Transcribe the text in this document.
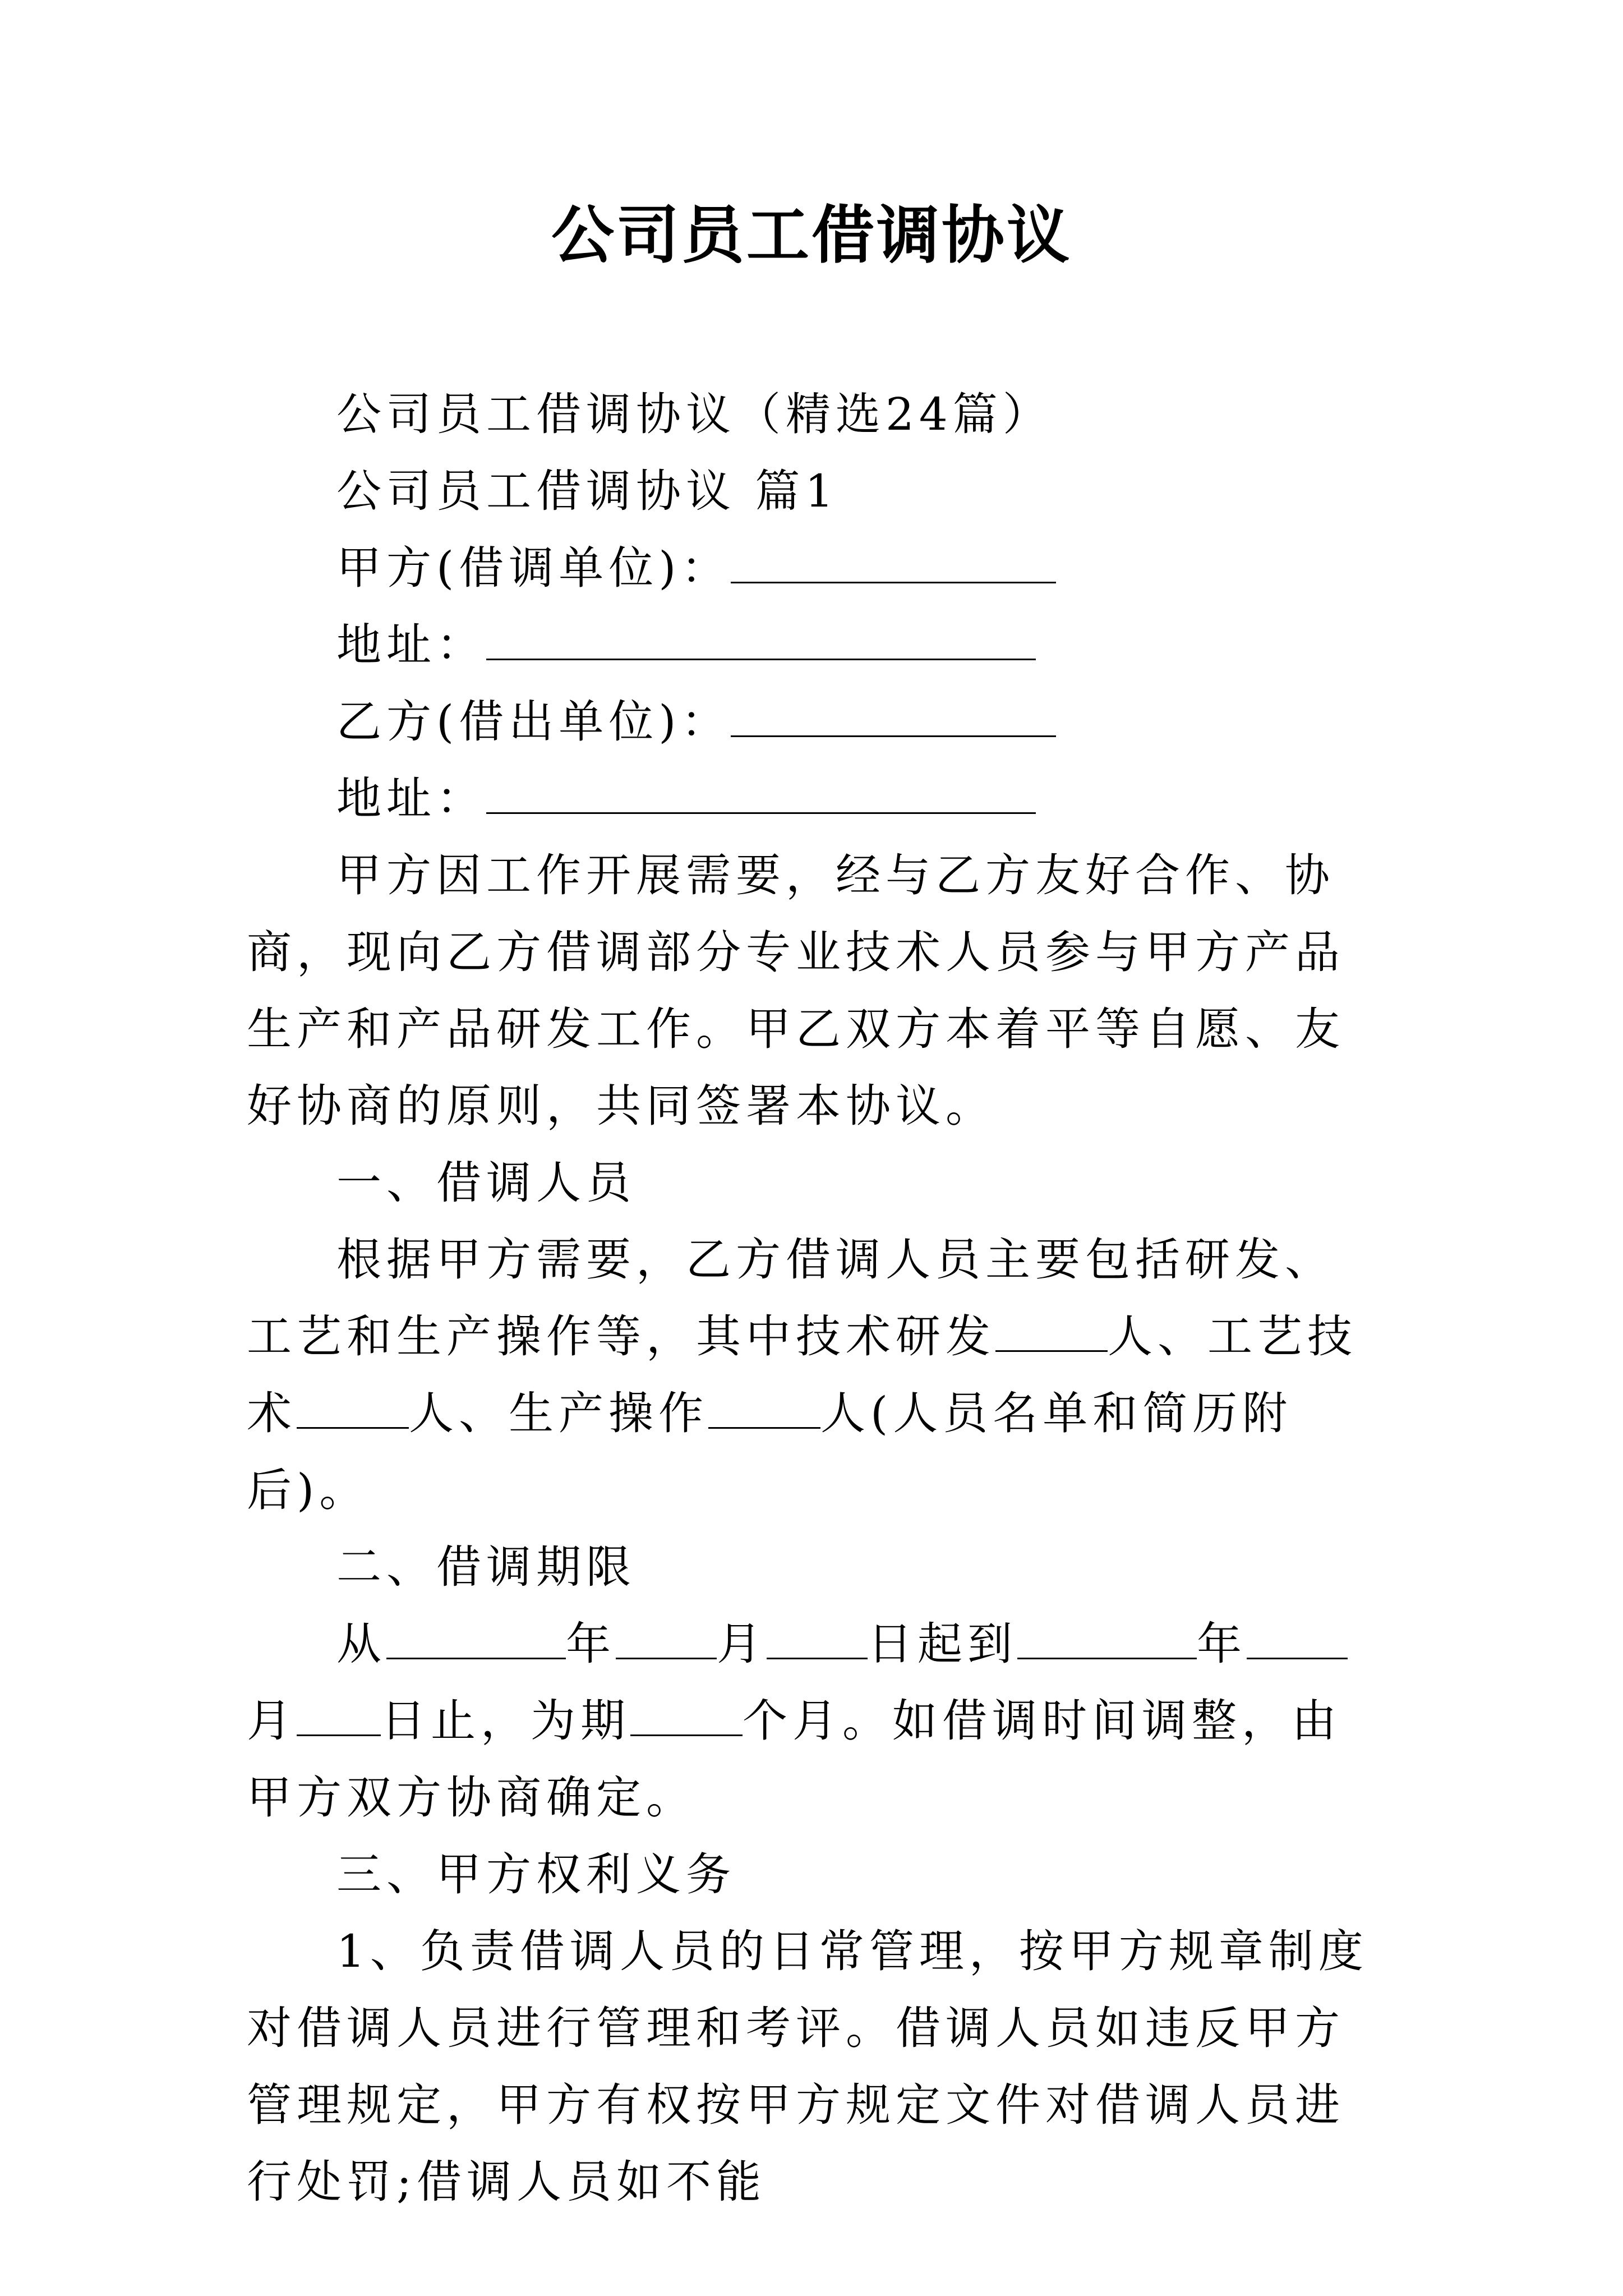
公司员工借调协议

公司员工借调协议（精选24篇）

公司员工借调协议 篇1

甲方(借调单位)：

地址：

乙方(借出单位)：

地址：

甲方因工作开展需要，经与乙方友好合作、协商，现向乙方借调部分专业技术人员参与甲方产品生产和产品研发工作。甲乙双方本着平等自愿、友好协商的原则，共同签署本协议。

一、借调人员

根据甲方需要，乙方借调人员主要包括研发、工艺和生产操作等，其中技术研发	人、工艺技术	人、生产操作	人(人员名单和简历附后)。

二、借调期限

从	年 月 日起到	年月 日止，为期	个月。如借调时间调整，由甲方双方协商确定。

三、甲方权利义务

1、负责借调人员的日常管理，按甲方规章制度对借调人员进行管理和考评。借调人员如违反甲方管理规定，甲方有权按甲方规定文件对借调人员进行处罚;借调人员如不能
